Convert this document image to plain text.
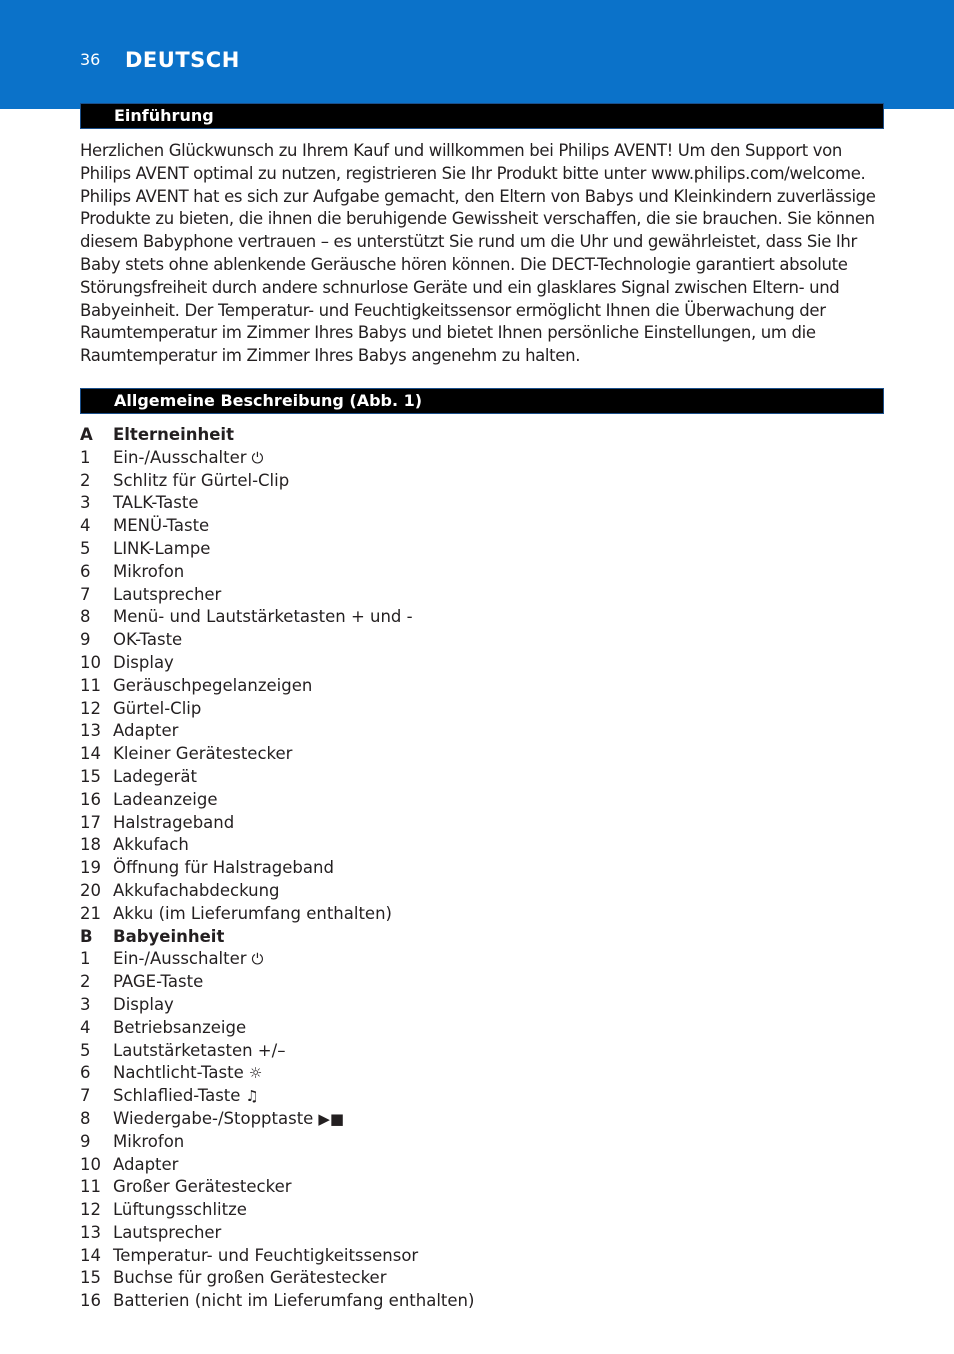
36 DEUTSCH
Einführung
Herzlichen Glückwunsch zu Ihrem Kauf und willkommen bei Philips AVENT! Um den Support von
Philips AVENT optimal zu nutzen, registrieren Sie Ihr Produkt bitte unter www.philips.com/welcome.
Philips AVENT hat es sich zur Aufgabe gemacht, den Eltern von Babys und Kleinkindern zuverlässige
Produkte zu bieten, die ihnen die beruhigende Gewissheit verschaffen, die sie brauchen. Sie können
diesem Babyphone vertrauen – es unterstützt Sie rund um die Uhr und gewährleistet, dass Sie Ihr
Baby stets ohne ablenkende Geräusche hören können. Die DECT-Technologie garantiert absolute
Störungsfreiheit durch andere schnurlose Geräte und ein glasklares Signal zwischen Eltern- und
Babyeinheit. Der Temperatur- und Feuchtigkeitssensor ermöglicht Ihnen die Überwachung der
Raumtemperatur im Zimmer Ihres Babys und bietet Ihnen persönliche Einstellungen, um die
Raumtemperatur im Zimmer Ihres Babys angenehm zu halten.
Allgemeine Beschreibung (Abb. 1)
A Elterneinheit
1 Ein-/Ausschalter ⏻
2 Schlitz für Gürtel-Clip
3 TALK-Taste
4 MENÜ-Taste
5 LINK-Lampe
6 Mikrofon
7 Lautsprecher
8 Menü- und Lautstärketasten + und -
9 OK-Taste
10 Display
11 Geräuschpegelanzeigen
12 Gürtel-Clip
13 Adapter
14 Kleiner Gerätestecker
15 Ladegerät
16 Ladeanzeige
17 Halstrageband
18 Akkufach
19 Öffnung für Halstrageband
20 Akkufachabdeckung
21 Akku (im Lieferumfang enthalten)
B Babyeinheit
1 Ein-/Ausschalter ⏻
2 PAGE-Taste
3 Display
4 Betriebsanzeige
5 Lautstärketasten +/–
6 Nachtlicht-Taste ☼
7 Schlaflied-Taste ♫
8 Wiedergabe-/Stopptaste ▶■
9 Mikrofon
10 Adapter
11 Großer Gerätestecker
12 Lüftungsschlitze
13 Lautsprecher
14 Temperatur- und Feuchtigkeitssensor
15 Buchse für großen Gerätestecker
16 Batterien (nicht im Lieferumfang enthalten)
